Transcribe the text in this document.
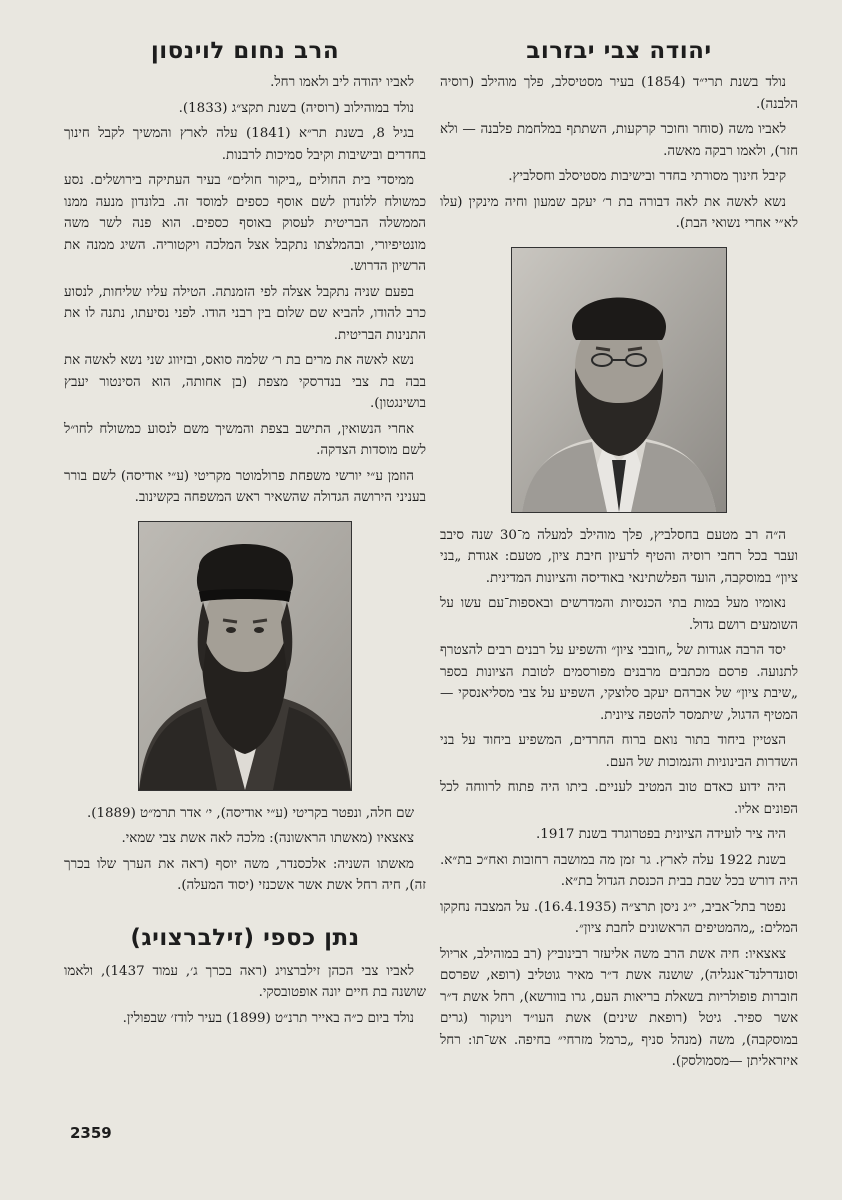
יהודה צבי יבזרוב

נולד בשנת תרי״ד (1854) בעיר מסטיסלב, פלך מוהילב (רוסיה הלבנה).

לאביו משה (סוחר וחוכר קרקעות, השתתף במלחמת פלבנה — ולא חזר), ולאמו רבקה מאשה.

קיבל חינוך מסורתי בחדר ובישיבות מסטיסלב וחסלביץ.

נשא לאשה את לאה דבורה בת ר׳ יעקב שמעון וחיה מינקין (עלו לא״י אחרי נשואי הבת).

ה״ה רב מטעם בחסלביץ, פלך מוהילב למעלה מ־30 שנה סיבב ועבר בכל רחבי רוסיה והטיף לרעיון חיבת ציון, מטעם: אגודת „בני ציון״ במוסקבה, הועד הפלשתינאי באודיסה והציונות המדינית.

נאומיו מעל במות בתי הכנסיות והמדרשים ובאספות־עם עשו על השומעים רושם גדול.

יסד הרבה אגודות של „חובבי ציון״ והשפיע על רבנים רבים להצטרף לתנועה. פרסם מכתבים מרבנים מפורסמים לטובת הציונות בספר „שיבת ציון״ של אברהם יעקב סלוצקי, השפיע על צבי מסליאנסקי — המטיף הדגול, שיתמסר להטפה ציונית.

הצטיין ביחוד בתור נואם ברוח החרדים, המשפיע ביחוד על בני השדרות הבינוניות והנמוכות של העם.

היה ידוע כאדם טוב המטיב לעניים. ביתו היה פתוח לרווחה לכל הפונים אליו.

היה ציר לועידה הציונית בפטרוגרד בשנת 1917.

בשנת 1922 עלה לארץ. גר זמן מה במושבה רחובות ואח״כ בת״א. היה דורש בכל שבת בבית הכנסת הגדול בת״א.

נפטר בתל־אביב, י״ג ניסן תרצ״ה (16.4.1935). על המצבה נחקקו המלים: „מהמטיפים הראשונים לחבת ציון״.

צאצאיו: חיה אשת הרב משה אליעזר רבינוביץ (רב במוהילב, אריול וסונדרלנד־אנגליה), שושנה אשת ד״ר מאיר גוטליב (רופא, שפרסם חוברות פופולריות בשאלת בריאות העם, גרו בוורשא), רחל אשת ד״ר אשר ספיר. גיטל (רופאת שינים) אשת העו״ד וינוקור (גרים במוסקבה), משה (מנהל סניף „כרמל מזרחי״ בחיפה. אש־תו: רחל איזראליתן —מסמולסק).

הרב נחום לוינסון

לאביו יהודה ליב ולאמו רחל.

נולד במוהילוב (רוסיה) בשנת תקצ״ג (1833).

בגיל 8, בשנת תר״א (1841) עלה לארץ והמשיך לקבל חינוך בחדרים ובישיבות וקיבל סמיכות לרבנות.

ממיסדי בית החולים „ביקור חולים״ בעיר העתיקה בירושלים. נסע כמשולח ללונדון לשם אוסף כספים למוסד זה. בלונדון מנעה ממנו הממשלה הבריטית לעסוק באוסף כספים. הוא פנה לשר משה מונטיפיורי, ובהמלצתו נתקבל אצל המלכה ויקטוריה. השיג ממנה את הרשיון הדרוש.

בפעם שניה נתקבל אצלה לפי הזמנתה. הטילה עליו שליחות, לנסוע כרב להודו, להביא שם שלום בין רבני הודו. לפני נסיעתו, נתנה לו את התנינות הבריטית.

נשא לאשה את מרים בת ר׳ שלמה סואס, ובזיווג שני נשא לאשה את בבה בת צבי בנדרסקי מצפת (בן אחותה, הוא הסינטור יעבץ בושינגטון).

אחרי הנשואין, התישב בצפת והמשיך משם לנסוע כמשולח לחו״ל לשם מוסדות הצדקה.

הוזמן ע״י יורשי משפחת פרולמוטר מקריטי (ע״י אודיסה) לשם בורר בעניני הירושה הגדולה שהשאיר ראש המשפחה בקשינוב.

שם חלה, ונפטר בקריטי (ע״י אודיסה), י׳ אדר תרמ״ט (1889).

צאצאיו (מאשתו הראשונה): מלכה לאה אשת צבי שמאי.

מאשתו השניה: אלכסנדר, משה יוסף (ראה את הערך שלו בכרך זה), חיה רחל אשת אשר אשכנזי (יסוד המעלה).

נתן כספי (זילברצויג)

לאביו צבי הכהן זילברצויג (ראה בכרך ג׳, עמוד 1437), ולאמו שושנה בת חיים יונה אופטובסקי.

נולד ביום כ״ה באייר תרנ״ט (1899) בעיר לודז׳ שבפולין.

2359
